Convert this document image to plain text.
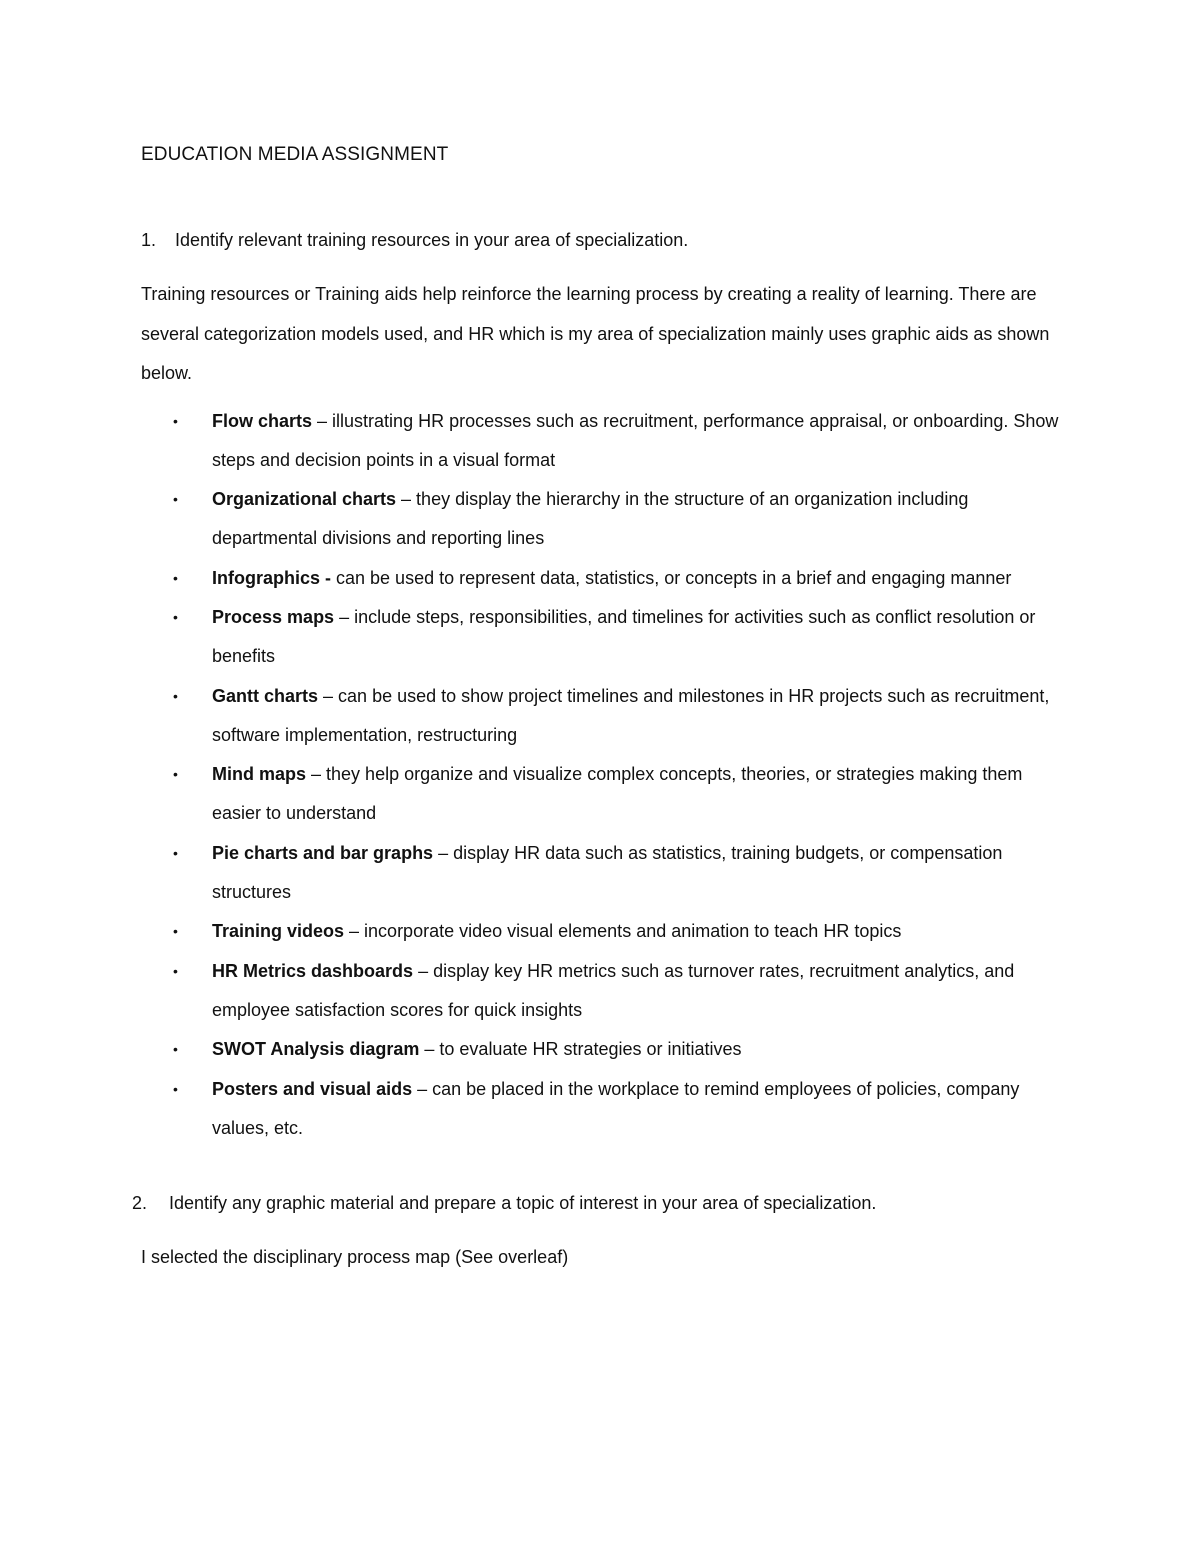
EDUCATION MEDIA ASSIGNMENT
1.	Identify relevant training resources in your area of specialization.

Training resources or Training aids help reinforce the learning process by creating a reality of learning. There are several categorization models used, and HR which is my area of specialization mainly uses graphic aids as shown below.

• Flow charts – illustrating HR processes such as recruitment, performance appraisal, or onboarding. Show steps and decision points in a visual format
• Organizational charts – they display the hierarchy in the structure of an organization including departmental divisions and reporting lines
• Infographics - can be used to represent data, statistics, or concepts in a brief and engaging manner
• Process maps – include steps, responsibilities, and timelines for activities such as conflict resolution or benefits
• Gantt charts – can be used to show project timelines and milestones in HR projects such as recruitment, software implementation, restructuring
• Mind maps – they help organize and visualize complex concepts, theories, or strategies making them easier to understand
• Pie charts and bar graphs – display HR data such as statistics, training budgets, or compensation structures
• Training videos – incorporate video visual elements and animation to teach HR topics
• HR Metrics dashboards – display key HR metrics such as turnover rates, recruitment analytics, and employee satisfaction scores for quick insights
• SWOT Analysis diagram – to evaluate HR strategies or initiatives
• Posters and visual aids – can be placed in the workplace to remind employees of policies, company values, etc.
2.	Identify any graphic material and prepare a topic of interest in your area of specialization.

I selected the disciplinary process map (See overleaf)
